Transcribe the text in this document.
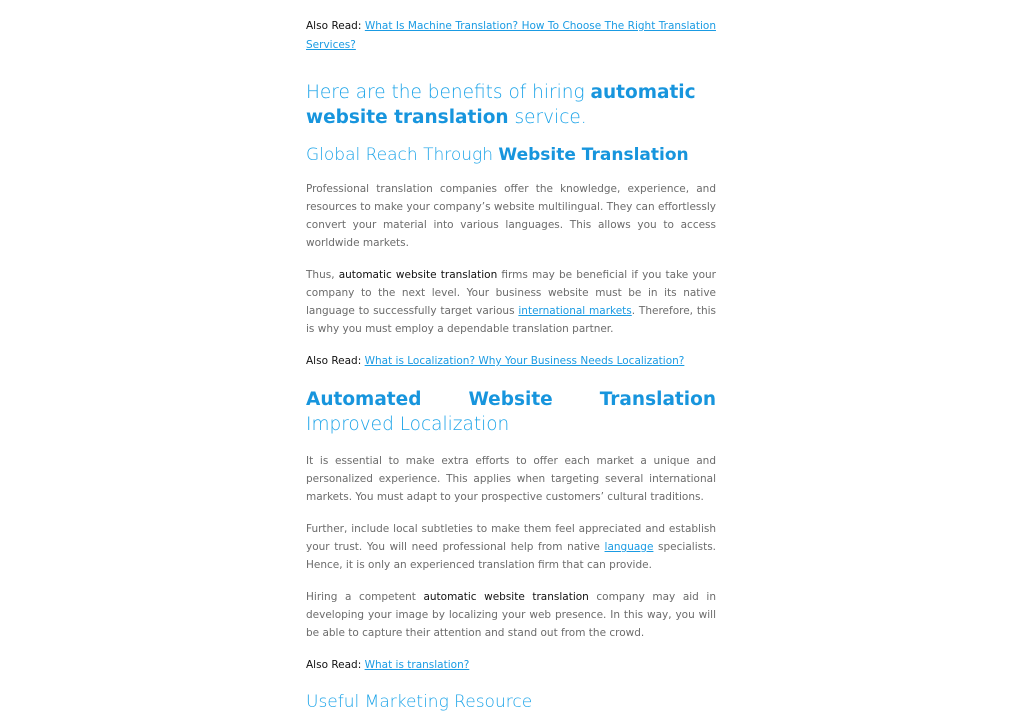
Also Read: What Is Machine Translation? How To Choose The Right Translation Services?

Here are the benefits of hiring automatic website translation service.
Global Reach Through Website Translation

Professional translation companies offer the knowledge, experience, and resources to make your company’s website multilingual. They can effortlessly convert your material into various languages. This allows you to access worldwide markets.

Thus, automatic website translation firms may be beneficial if you take your company to the next level. Your business website must be in its native language to successfully target various international markets. Therefore, this is why you must employ a dependable translation partner.

Also Read: What is Localization? Why Your Business Needs Localization?

Automated Website Translation Improved Localization

It is essential to make extra efforts to offer each market a unique and personalized experience. This applies when targeting several international markets. You must adapt to your prospective customers’ cultural traditions.

Further, include local subtleties to make them feel appreciated and establish your trust. You will need professional help from native language specialists. Hence, it is only an experienced translation firm that can provide.

Hiring a competent automatic website translation company may aid in developing your image by localizing your web presence. In this way, you will be able to capture their attention and stand out from the crowd.

Also Read: What is translation?

Useful Marketing Resource
